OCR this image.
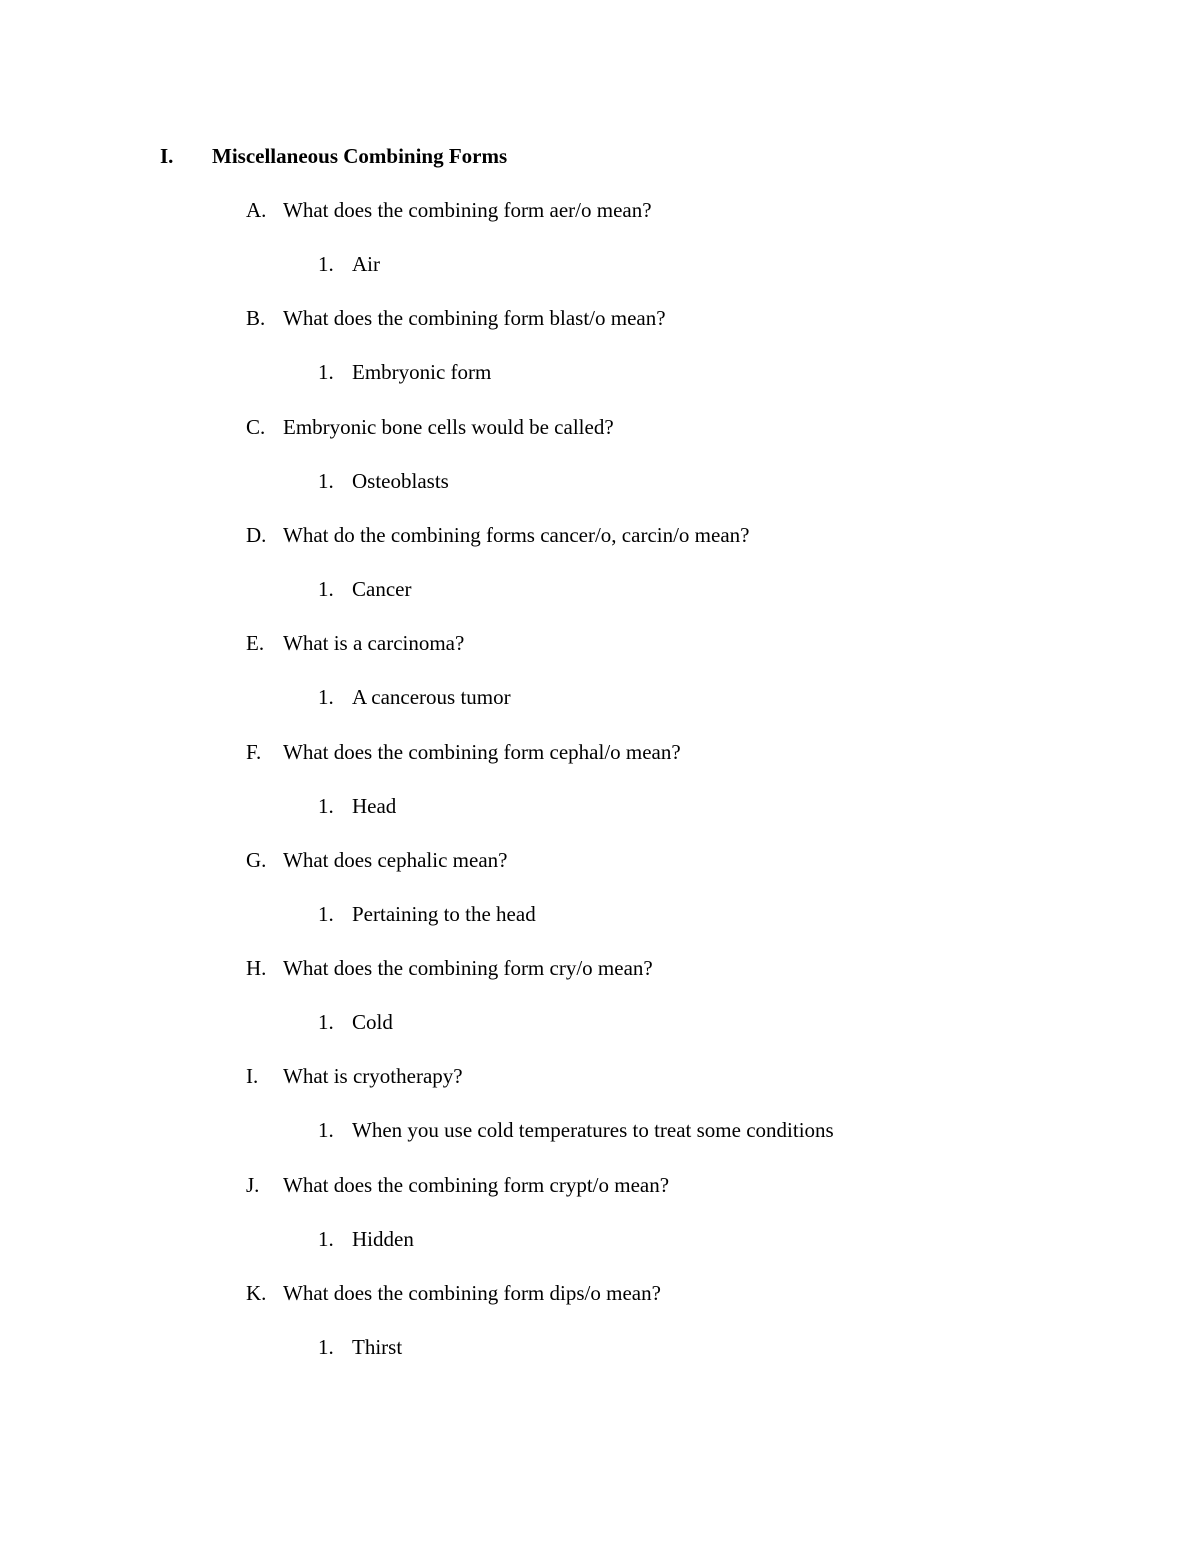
I. Miscellaneous Combining Forms
A. What does the combining form aer/o mean?
1. Air
B. What does the combining form blast/o mean?
1. Embryonic form
C. Embryonic bone cells would be called?
1. Osteoblasts
D. What do the combining forms cancer/o, carcin/o mean?
1. Cancer
E. What is a carcinoma?
1. A cancerous tumor
F. What does the combining form cephal/o mean?
1. Head
G. What does cephalic mean?
1. Pertaining to the head
H. What does the combining form cry/o mean?
1. Cold
I. What is cryotherapy?
1. When you use cold temperatures to treat some conditions
J. What does the combining form crypt/o mean?
1. Hidden
K. What does the combining form dips/o mean?
1. Thirst
